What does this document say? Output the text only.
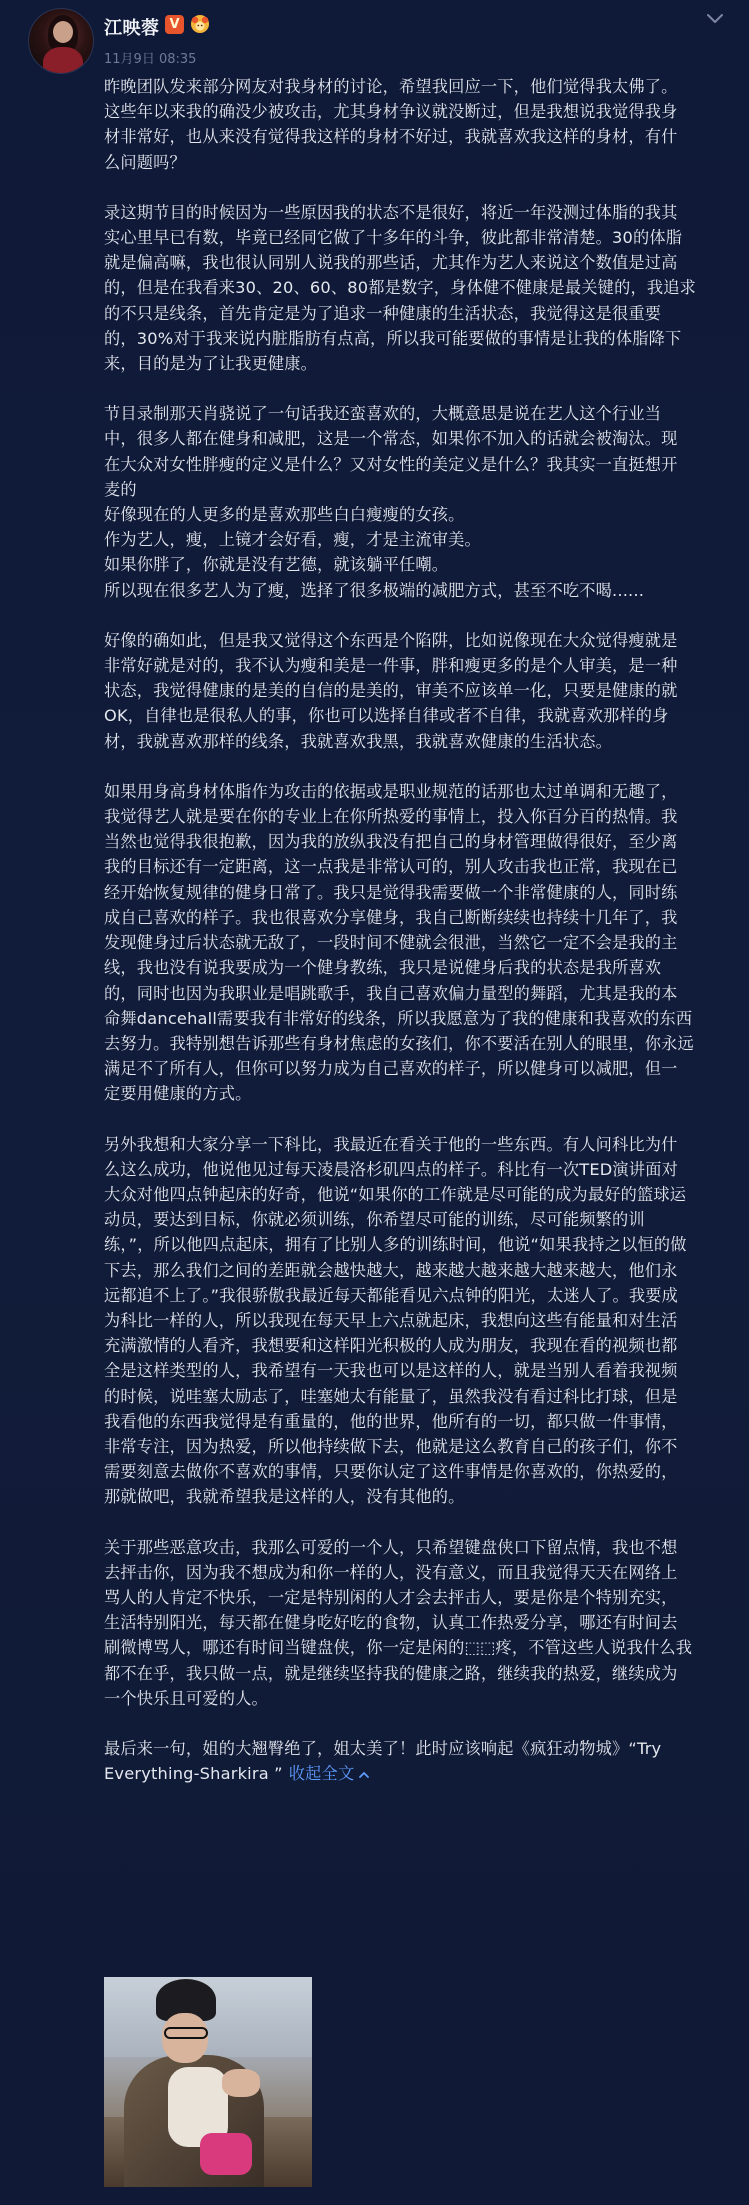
江映蓉 V
11月9日 08:35

昨晚团队发来部分网友对我身材的讨论，希望我回应一下，他们觉得我太佛了。

这些年以来我的确没少被攻击，尤其身材争议就没断过，但是我想说我觉得我身

材非常好，也从来没有觉得我这样的身材不好过，我就喜欢我这样的身材，有什

么问题吗？

录这期节目的时候因为一些原因我的状态不是很好，将近一年没测过体脂的我其

实心里早已有数，毕竟已经同它做了十多年的斗争，彼此都非常清楚。30的体脂

就是偏高嘛，我也很认同别人说我的那些话，尤其作为艺人来说这个数值是过高

的，但是在我看来30、20、60、80都是数字，身体健不健康是最关键的，我追求

的不只是线条，首先肯定是为了追求一种健康的生活状态，我觉得这是很重要

的，30%对于我来说内脏脂肪有点高，所以我可能要做的事情是让我的体脂降下

来，目的是为了让我更健康。

节目录制那天肖骁说了一句话我还蛮喜欢的，大概意思是说在艺人这个行业当

中，很多人都在健身和减肥，这是一个常态，如果你不加入的话就会被淘汰。现

在大众对女性胖瘦的定义是什么？又对女性的美定义是什么？我其实一直挺想开

麦的

好像现在的人更多的是喜欢那些白白瘦瘦的女孩。

作为艺人，瘦，上镜才会好看，瘦，才是主流审美。

如果你胖了，你就是没有艺德，就该躺平任嘲。

所以现在很多艺人为了瘦，选择了很多极端的减肥方式，甚至不吃不喝......

好像的确如此，但是我又觉得这个东西是个陷阱，比如说像现在大众觉得瘦就是

非常好就是对的，我不认为瘦和美是一件事，胖和瘦更多的是个人审美，是一种

状态，我觉得健康的是美的自信的是美的，审美不应该单一化，只要是健康的就

OK，自律也是很私人的事，你也可以选择自律或者不自律，我就喜欢那样的身

材，我就喜欢那样的线条，我就喜欢我黑，我就喜欢健康的生活状态。

如果用身高身材体脂作为攻击的依据或是职业规范的话那也太过单调和无趣了，

我觉得艺人就是要在你的专业上在你所热爱的事情上，投入你百分百的热情。我

当然也觉得我很抱歉，因为我的放纵我没有把自己的身材管理做得很好，至少离

我的目标还有一定距离，这一点我是非常认可的，别人攻击我也正常，我现在已

经开始恢复规律的健身日常了。我只是觉得我需要做一个非常健康的人，同时练

成自己喜欢的样子。我也很喜欢分享健身，我自己断断续续也持续十几年了，我

发现健身过后状态就无敌了，一段时间不健就会很泄，当然它一定不会是我的主

线，我也没有说我要成为一个健身教练，我只是说健身后我的状态是我所喜欢

的，同时也因为我职业是唱跳歌手，我自己喜欢偏力量型的舞蹈，尤其是我的本

命舞dancehall需要我有非常好的线条，所以我愿意为了我的健康和我喜欢的东西

去努力。我特别想告诉那些有身材焦虑的女孩们，你不要活在别人的眼里，你永远

满足不了所有人，但你可以努力成为自己喜欢的样子，所以健身可以减肥，但一

定要用健康的方式。

另外我想和大家分享一下科比，我最近在看关于他的一些东西。有人问科比为什

么这么成功，他说他见过每天凌晨洛杉矶四点的样子。科比有一次TED演讲面对

大众对他四点钟起床的好奇，他说“如果你的工作就是尽可能的成为最好的篮球运

动员，要达到目标，你就必须训练，你希望尽可能的训练，尽可能频繁的训

练，”，所以他四点起床，拥有了比别人多的训练时间，他说“如果我持之以恒的做

下去，那么我们之间的差距就会越快越大，越来越大越来越大越来越大，他们永

远都追不上了。”我很骄傲我最近每天都能看见六点钟的阳光，太迷人了。我要成

为科比一样的人，所以我现在每天早上六点就起床，我想向这些有能量和对生活

充满激情的人看齐，我想要和这样阳光积极的人成为朋友，我现在看的视频也都

全是这样类型的人，我希望有一天我也可以是这样的人，就是当别人看着我视频

的时候，说哇塞太励志了，哇塞她太有能量了，虽然我没有看过科比打球，但是

我看他的东西我觉得是有重量的，他的世界，他所有的一切，都只做一件事情，

非常专注，因为热爱，所以他持续做下去，他就是这么教育自己的孩子们，你不

需要刻意去做你不喜欢的事情，只要你认定了这件事情是你喜欢的，你热爱的，

那就做吧，我就希望我是这样的人，没有其他的。

关于那些恶意攻击，我那么可爱的一个人，只希望键盘侠口下留点情，我也不想

去抨击你，因为我不想成为和你一样的人，没有意义，而且我觉得天天在网络上

骂人的人肯定不快乐，一定是特别闲的人才会去抨击人，要是你是个特别充实，

生活特别阳光，每天都在健身吃好吃的食物，认真工作热爱分享，哪还有时间去

刷微博骂人，哪还有时间当键盘侠，你一定是闲的⬚⬚疼，不管这些人说我什么我

都不在乎，我只做一点，就是继续坚持我的健康之路，继续我的热爱，继续成为

一个快乐且可爱的人。

最后来一句，姐的大翘臀绝了，姐太美了！此时应该响起《疯狂动物城》“Try

Everything-Sharkira ” 收起全文
